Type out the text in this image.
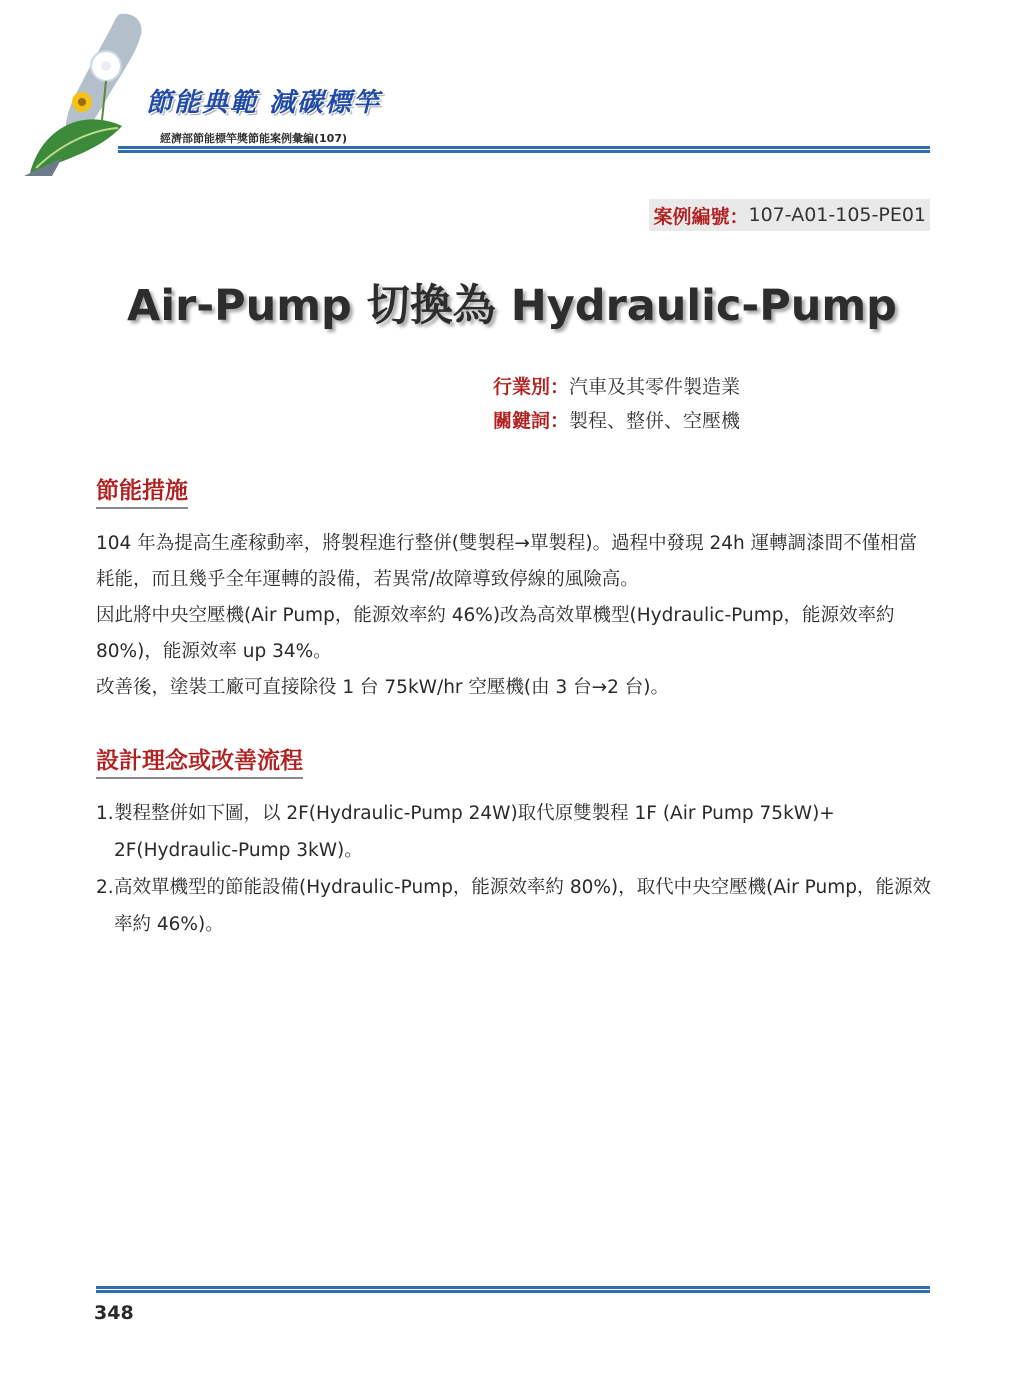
節能典範 減碳標竿
經濟部節能標竿獎節能案例彙編(107)
案例編號： 107-A01-105-PE01
Air-Pump 切換為 Hydraulic-Pump
行業別：汽車及其零件製造業
關鍵詞：製程、整併、空壓機
節能措施

104 年為提高生產稼動率，將製程進行整併(雙製程→單製程)。過程中發現 24h 運轉調漆間不僅相當耗能，而且幾乎全年運轉的設備，若異常/故障導致停線的風險高。

因此將中央空壓機(Air Pump，能源效率約 46%)改為高效單機型(Hydraulic-Pump，能源效率約 80%)，能源效率 up 34%。

改善後，塗裝工廠可直接除役 1 台 75kW/hr 空壓機(由 3 台→2 台)。

設計理念或改善流程
1. 製程整併如下圖，以 2F(Hydraulic-Pump 24W)取代原雙製程 1F (Air Pump 75kW)+ 2F(Hydraulic-Pump 3kW)。
2. 高效單機型的節能設備(Hydraulic-Pump，能源效率約 80%)，取代中央空壓機(Air Pump，能源效率約 46%)。
348
